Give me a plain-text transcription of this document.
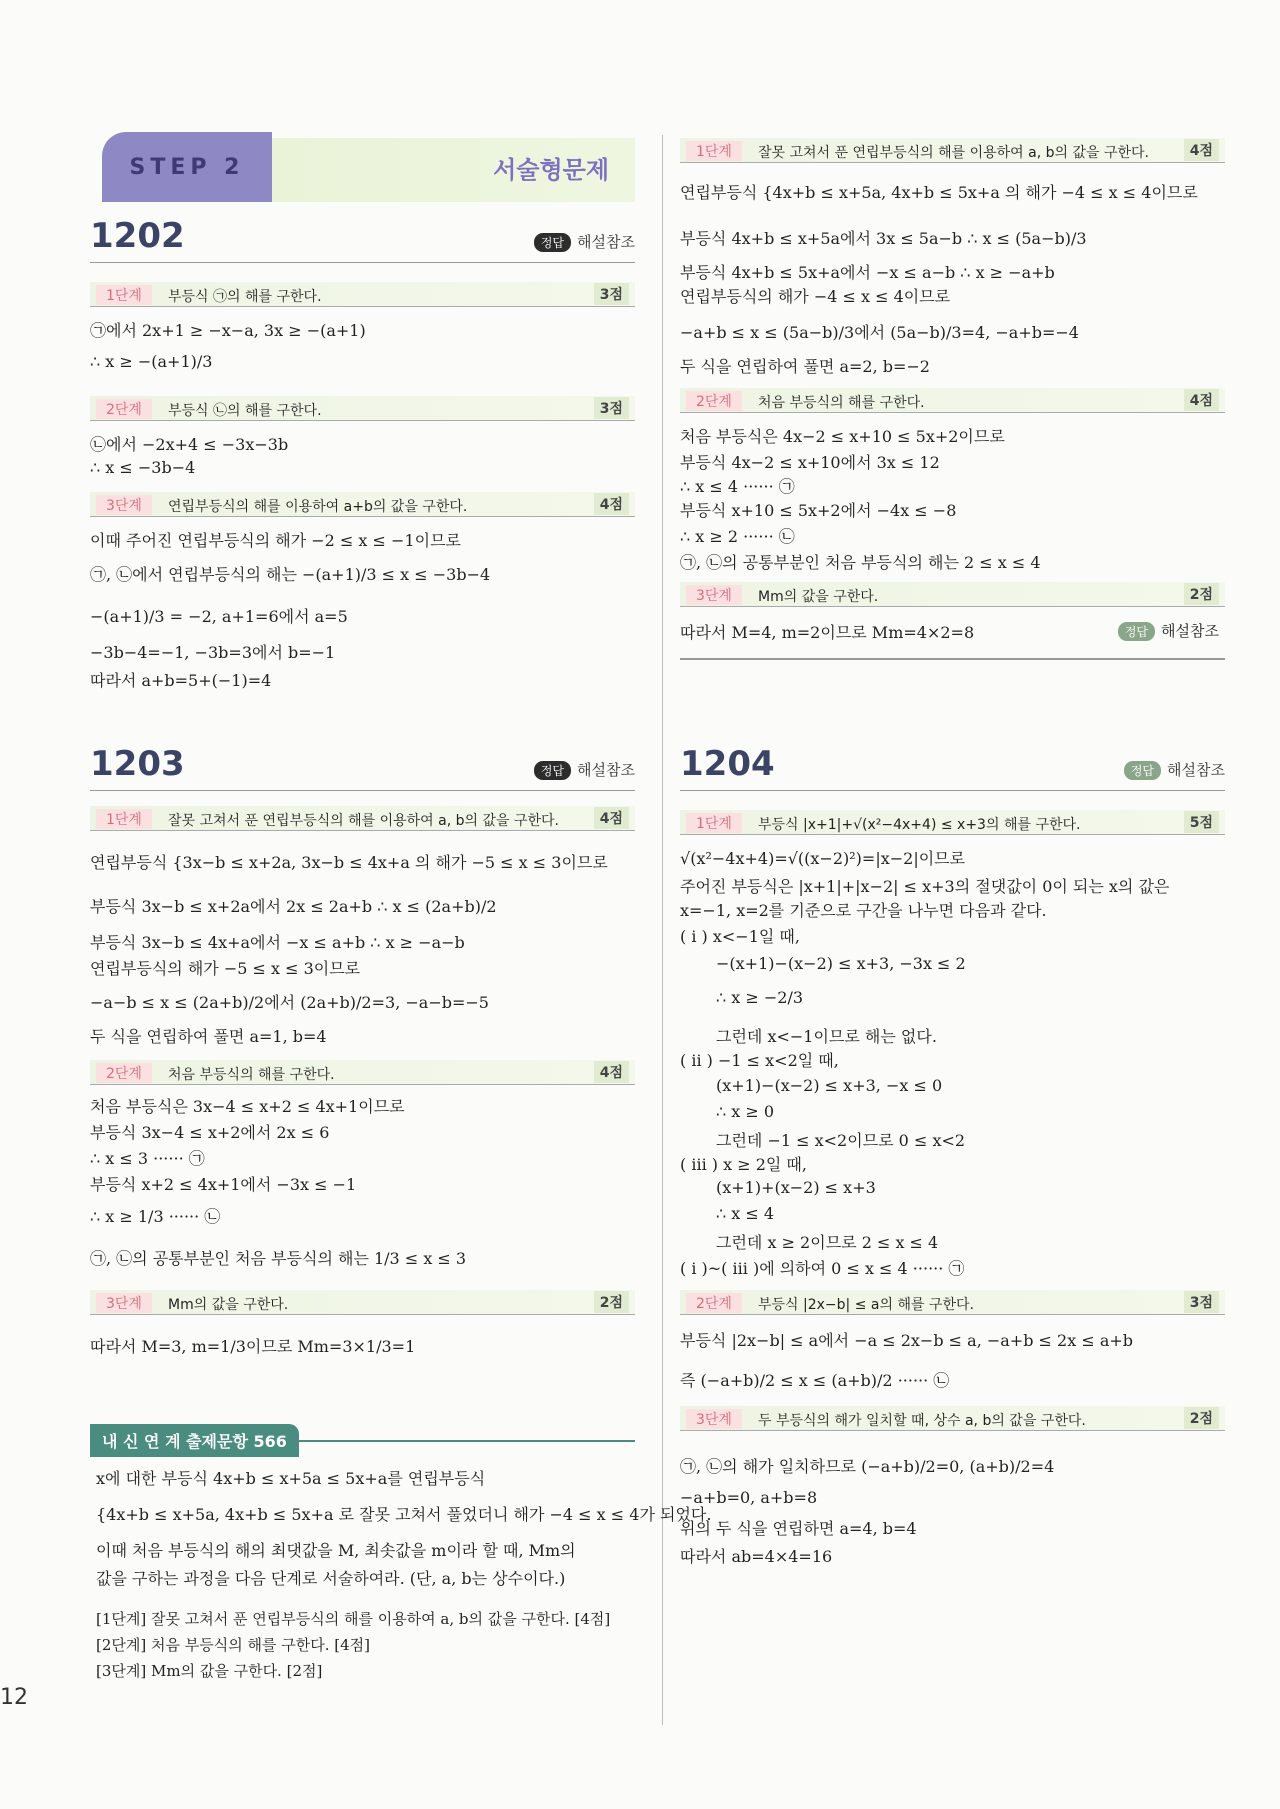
12
STEP 2	서술형문제
1202	정답 해설참조
1단계	부등식 ㉠의 해를 구한다.	3점
㉠에서 2x+1 ≥ −x−a, 3x ≥ −(a+1)
∴ x ≥ −(a+1)/3
2단계	부등식 ㉡의 해를 구한다.	3점
㉡에서 −2x+4 ≤ −3x−3b
∴ x ≤ −3b−4
3단계	연립부등식의 해를 이용하여 a+b의 값을 구한다.	4점
이때 주어진 연립부등식의 해가 −2 ≤ x ≤ −1이므로
㉠, ㉡에서 연립부등식의 해는 −(a+1)/3 ≤ x ≤ −3b−4
−(a+1)/3 = −2, a+1=6에서 a=5
−3b−4=−1, −3b=3에서 b=−1
따라서 a+b=5+(−1)=4
1203	정답 해설참조
1단계	잘못 고쳐서 푼 연립부등식의 해를 이용하여 a, b의 값을 구한다.	4점
연립부등식 {3x−b ≤ x+2a, 3x−b ≤ 4x+a 의 해가 −5 ≤ x ≤ 3이므로
부등식 3x−b ≤ x+2a에서 2x ≤ 2a+b ∴ x ≤ (2a+b)/2
부등식 3x−b ≤ 4x+a에서 −x ≤ a+b ∴ x ≥ −a−b
연립부등식의 해가 −5 ≤ x ≤ 3이므로
−a−b ≤ x ≤ (2a+b)/2에서 (2a+b)/2=3, −a−b=−5
두 식을 연립하여 풀면 a=1, b=4
2단계	처음 부등식의 해를 구한다.	4점
처음 부등식은 3x−4 ≤ x+2 ≤ 4x+1이므로
부등식 3x−4 ≤ x+2에서 2x ≤ 6
∴ x ≤ 3 ······ ㉠
부등식 x+2 ≤ 4x+1에서 −3x ≤ −1
∴ x ≥ 1/3 ······ ㉡
㉠, ㉡의 공통부분인 처음 부등식의 해는 1/3 ≤ x ≤ 3
3단계	Mm의 값을 구한다.	2점
따라서 M=3, m=1/3이므로 Mm=3×1/3=1
내 신 연 계 출제문항 566
x에 대한 부등식 4x+b ≤ x+5a ≤ 5x+a를 연립부등식
{4x+b ≤ x+5a, 4x+b ≤ 5x+a 로 잘못 고쳐서 풀었더니 해가 −4 ≤ x ≤ 4가 되었다.
이때 처음 부등식의 해의 최댓값을 M, 최솟값을 m이라 할 때, Mm의
값을 구하는 과정을 다음 단계로 서술하여라. (단, a, b는 상수이다.)
[1단계] 잘못 고쳐서 푼 연립부등식의 해를 이용하여 a, b의 값을 구한다. [4점]
[2단계] 처음 부등식의 해를 구한다. [4점]
[3단계] Mm의 값을 구한다. [2점]
1단계	잘못 고쳐서 푼 연립부등식의 해를 이용하여 a, b의 값을 구한다.	4점
연립부등식 {4x+b ≤ x+5a, 4x+b ≤ 5x+a 의 해가 −4 ≤ x ≤ 4이므로
부등식 4x+b ≤ x+5a에서 3x ≤ 5a−b ∴ x ≤ (5a−b)/3
부등식 4x+b ≤ 5x+a에서 −x ≤ a−b ∴ x ≥ −a+b
연립부등식의 해가 −4 ≤ x ≤ 4이므로
−a+b ≤ x ≤ (5a−b)/3에서 (5a−b)/3=4, −a+b=−4
두 식을 연립하여 풀면 a=2, b=−2
2단계	처음 부등식의 해를 구한다.	4점
처음 부등식은 4x−2 ≤ x+10 ≤ 5x+2이므로
부등식 4x−2 ≤ x+10에서 3x ≤ 12
∴ x ≤ 4 ······ ㉠
부등식 x+10 ≤ 5x+2에서 −4x ≤ −8
∴ x ≥ 2 ······ ㉡
㉠, ㉡의 공통부분인 처음 부등식의 해는 2 ≤ x ≤ 4
3단계	Mm의 값을 구한다.	2점
따라서 M=4, m=2이므로 Mm=4×2=8	정답 해설참조
1204	정답 해설참조
1단계	부등식 |x+1|+√(x²−4x+4) ≤ x+3의 해를 구한다.	5점
√(x²−4x+4)=√((x−2)²)=|x−2|이므로
주어진 부등식은 |x+1|+|x−2| ≤ x+3의 절댓값이 0이 되는 x의 값은
x=−1, x=2를 기준으로 구간을 나누면 다음과 같다.
( i ) x<−1일 때,
−(x+1)−(x−2) ≤ x+3, −3x ≤ 2
∴ x ≥ −2/3
그런데 x<−1이므로 해는 없다.
( ii ) −1 ≤ x<2일 때,
(x+1)−(x−2) ≤ x+3, −x ≤ 0
∴ x ≥ 0
그런데 −1 ≤ x<2이므로 0 ≤ x<2
( iii ) x ≥ 2일 때,
(x+1)+(x−2) ≤ x+3
∴ x ≤ 4
그런데 x ≥ 2이므로 2 ≤ x ≤ 4
( i )~( iii )에 의하여 0 ≤ x ≤ 4 ······ ㉠
2단계	부등식 |2x−b| ≤ a의 해를 구한다.	3점
부등식 |2x−b| ≤ a에서 −a ≤ 2x−b ≤ a, −a+b ≤ 2x ≤ a+b
즉 (−a+b)/2 ≤ x ≤ (a+b)/2 ······ ㉡
3단계	두 부등식의 해가 일치할 때, 상수 a, b의 값을 구한다.	2점
㉠, ㉡의 해가 일치하므로 (−a+b)/2=0, (a+b)/2=4
−a+b=0, a+b=8
위의 두 식을 연립하면 a=4, b=4
따라서 ab=4×4=16
